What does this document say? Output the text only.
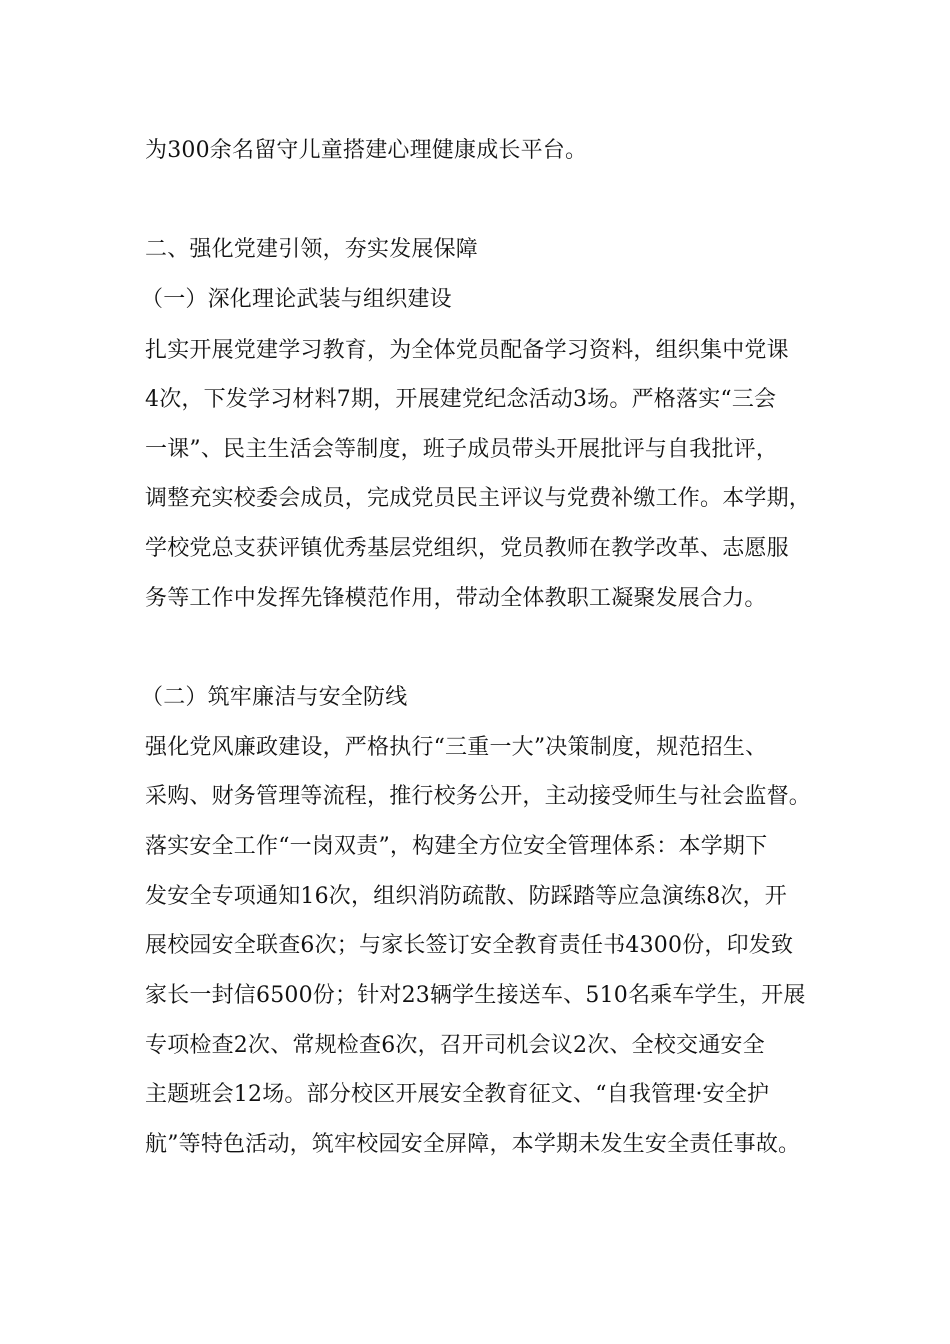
为300余名留守儿童搭建心理健康成长平台。
二、强化党建引领，夯实发展保障
（一）深化理论武装与组织建设
扎实开展党建学习教育，为全体党员配备学习资料，组织集中党课
4次，下发学习材料7期，开展建党纪念活动3场。严格落实“三会
一课”、民主生活会等制度，班子成员带头开展批评与自我批评，
调整充实校委会成员，完成党员民主评议与党费补缴工作。本学期，
学校党总支获评镇优秀基层党组织，党员教师在教学改革、志愿服
务等工作中发挥先锋模范作用，带动全体教职工凝聚发展合力。
（二）筑牢廉洁与安全防线
强化党风廉政建设，严格执行“三重一大”决策制度，规范招生、
采购、财务管理等流程，推行校务公开，主动接受师生与社会监督。
落实安全工作“一岗双责”，构建全方位安全管理体系：本学期下
发安全专项通知16次，组织消防疏散、防踩踏等应急演练8次，开
展校园安全联查6次；与家长签订安全教育责任书4300份，印发致
家长一封信6500份；针对23辆学生接送车、510名乘车学生，开展
专项检查2次、常规检查6次，召开司机会议2次、全校交通安全
主题班会12场。部分校区开展安全教育征文、“自我管理·安全护
航”等特色活动，筑牢校园安全屏障，本学期未发生安全责任事故。
